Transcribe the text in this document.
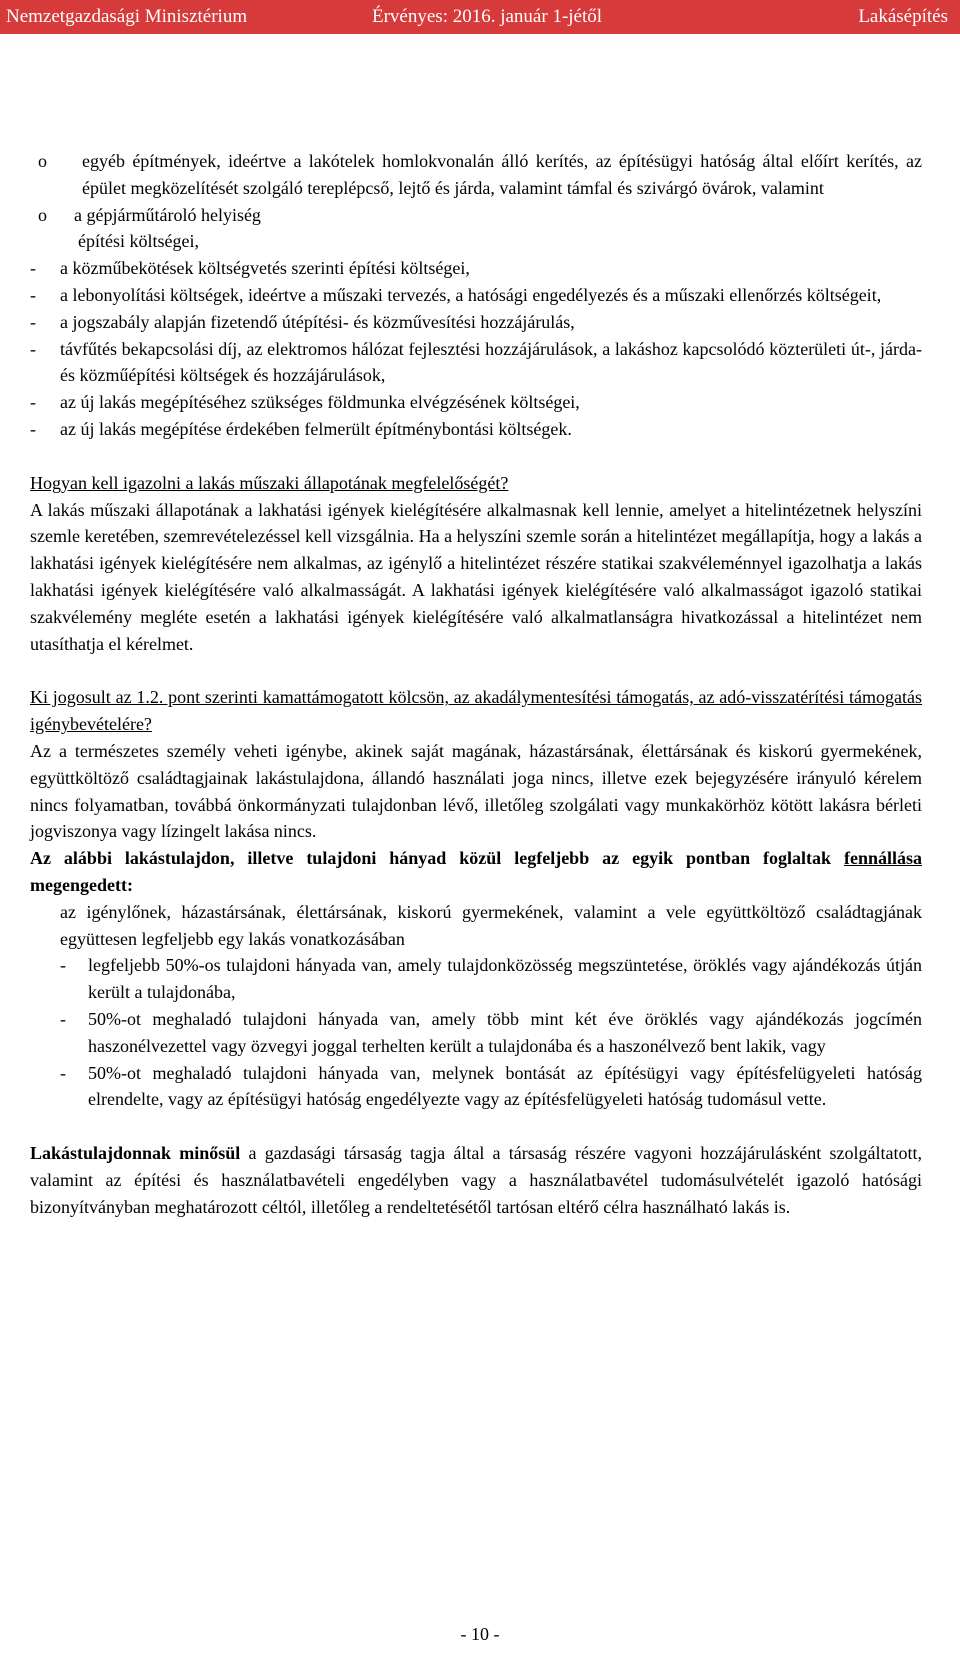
Nemzetgazdasági Minisztérium	Érvényes: 2016. január 1-jétől	Lakásépítés
o egyéb építmények, ideértve a lakótelek homlokvonalán álló kerítés, az építésügyi hatóság által előírt kerítés, az épület megközelítését szolgáló tereplépcső, lejtő és járda, valamint támfal és szivárgó övárok, valamint
o a gépjárműtároló helyiség

építési költségei,

- a közműbekötések költségvetés szerinti építési költségei,
- a lebonyolítási költségek, ideértve a műszaki tervezés, a hatósági engedélyezés és a műszaki ellenőrzés költségeit,
- a jogszabály alapján fizetendő útépítési- és közművesítési hozzájárulás,
- távfűtés bekapcsolási díj, az elektromos hálózat fejlesztési hozzájárulások, a lakáshoz kapcsolódó közterületi út-, járda- és közműépítési költségek és hozzájárulások,
- az új lakás megépítéséhez szükséges földmunka elvégzésének költségei,
- az új lakás megépítése érdekében felmerült építménybontási költségek.

Hogyan kell igazolni a lakás műszaki állapotának megfelelőségét?

A lakás műszaki állapotának a lakhatási igények kielégítésére alkalmasnak kell lennie, amelyet a hitelintézetnek helyszíni szemle keretében, szemrevételezéssel kell vizsgálnia. Ha a helyszíni szemle során a hitelintézet megállapítja, hogy a lakás a lakhatási igények kielégítésére nem alkalmas, az igénylő a hitelintézet részére statikai szakvéleménnyel igazolhatja a lakás lakhatási igények kielégítésére való alkalmasságát. A lakhatási igények kielégítésére való alkalmasságot igazoló statikai szakvélemény megléte esetén a lakhatási igények kielégítésére való alkalmatlanságra hivatkozással a hitelintézet nem utasíthatja el kérelmet.

Ki jogosult az 1.2. pont szerinti kamattámogatott kölcsön, az akadálymentesítési támogatás, az adó-visszatérítési támogatás igénybevételére?

Az a természetes személy veheti igénybe, akinek saját magának, házastársának, élettársának és kiskorú gyermekének, együttköltöző családtagjainak lakástulajdona, állandó használati joga nincs, illetve ezek bejegyzésére irányuló kérelem nincs folyamatban, továbbá önkormányzati tulajdonban lévő, illetőleg szolgálati vagy munkakörhöz kötött lakásra bérleti jogviszonya vagy lízingelt lakása nincs.

Az alábbi lakástulajdon, illetve tulajdoni hányad közül legfeljebb az egyik pontban foglaltak fennállása megengedett:

az igénylőnek, házastársának, élettársának, kiskorú gyermekének, valamint a vele együttköltöző családtagjának együttesen legfeljebb egy lakás vonatkozásában

- legfeljebb 50%-os tulajdoni hányada van, amely tulajdonközösség megszüntetése, öröklés vagy ajándékozás útján került a tulajdonába,
- 50%-ot meghaladó tulajdoni hányada van, amely több mint két éve öröklés vagy ajándékozás jogcímén haszonélvezettel vagy özvegyi joggal terhelten került a tulajdonába és a haszonélvező bent lakik, vagy
- 50%-ot meghaladó tulajdoni hányada van, melynek bontását az építésügyi vagy építésfelügyeleti hatóság elrendelte, vagy az építésügyi hatóság engedélyezte vagy az építésfelügyeleti hatóság tudomásul vette.

Lakástulajdonnak minősül a gazdasági társaság tagja által a társaság részére vagyoni hozzájárulásként szolgáltatott, valamint az építési és használatbavételi engedélyben vagy a használatbavétel tudomásulvételét igazoló hatósági bizonyítványban meghatározott céltól, illetőleg a rendeltetésétől tartósan eltérő célra használható lakás is.

- 10 -
